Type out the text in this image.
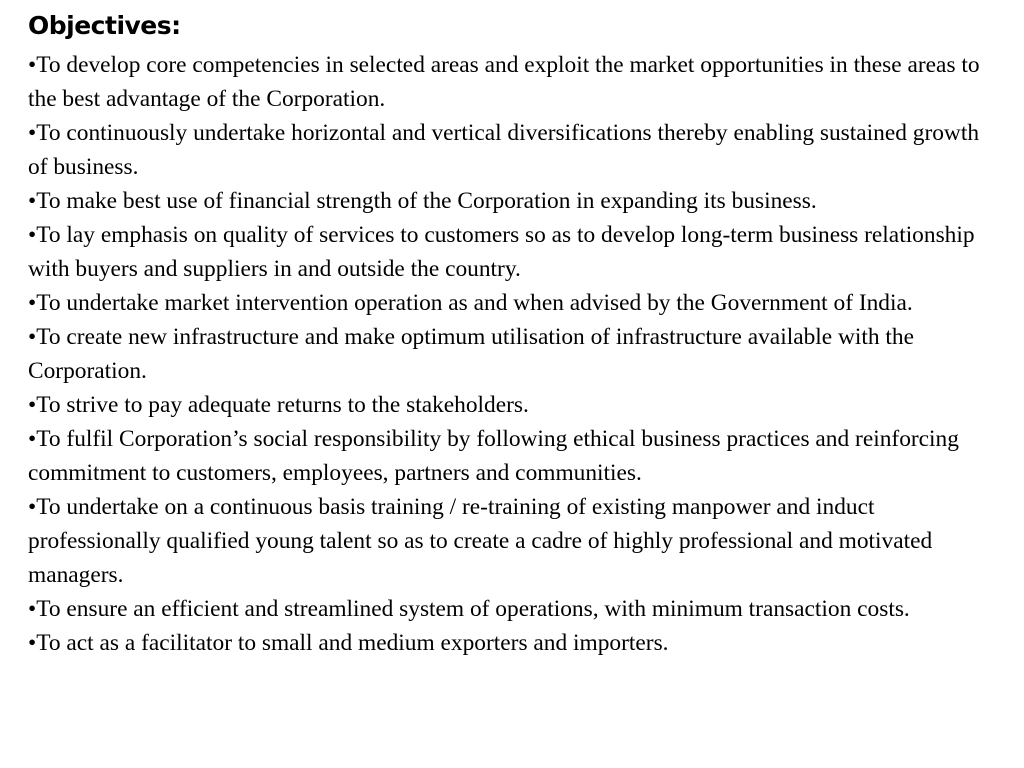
Objectives:
•To develop core competencies in selected areas and exploit the market opportunities in these areas to the best advantage of the Corporation.
•To continuously undertake horizontal and vertical diversifications thereby enabling sustained growth of business.
•To make best use of financial strength of the Corporation in expanding its business.
•To lay emphasis on quality of services to customers so as to develop long-term business relationship with buyers and suppliers in and outside the country.
•To undertake market intervention operation as and when advised by the Government of India.
•To create new infrastructure and make optimum utilisation of infrastructure available with the Corporation.
•To strive to pay adequate returns to the stakeholders.
•To fulfil Corporation’s social responsibility by following ethical business practices and reinforcing commitment to customers, employees, partners and communities.
•To undertake on a continuous basis training / re-training of existing manpower and induct professionally qualified young talent so as to create a cadre of highly professional and motivated managers.
•To ensure an efficient and streamlined system of operations, with minimum transaction costs.
•To act as a facilitator to small and medium exporters and importers.
